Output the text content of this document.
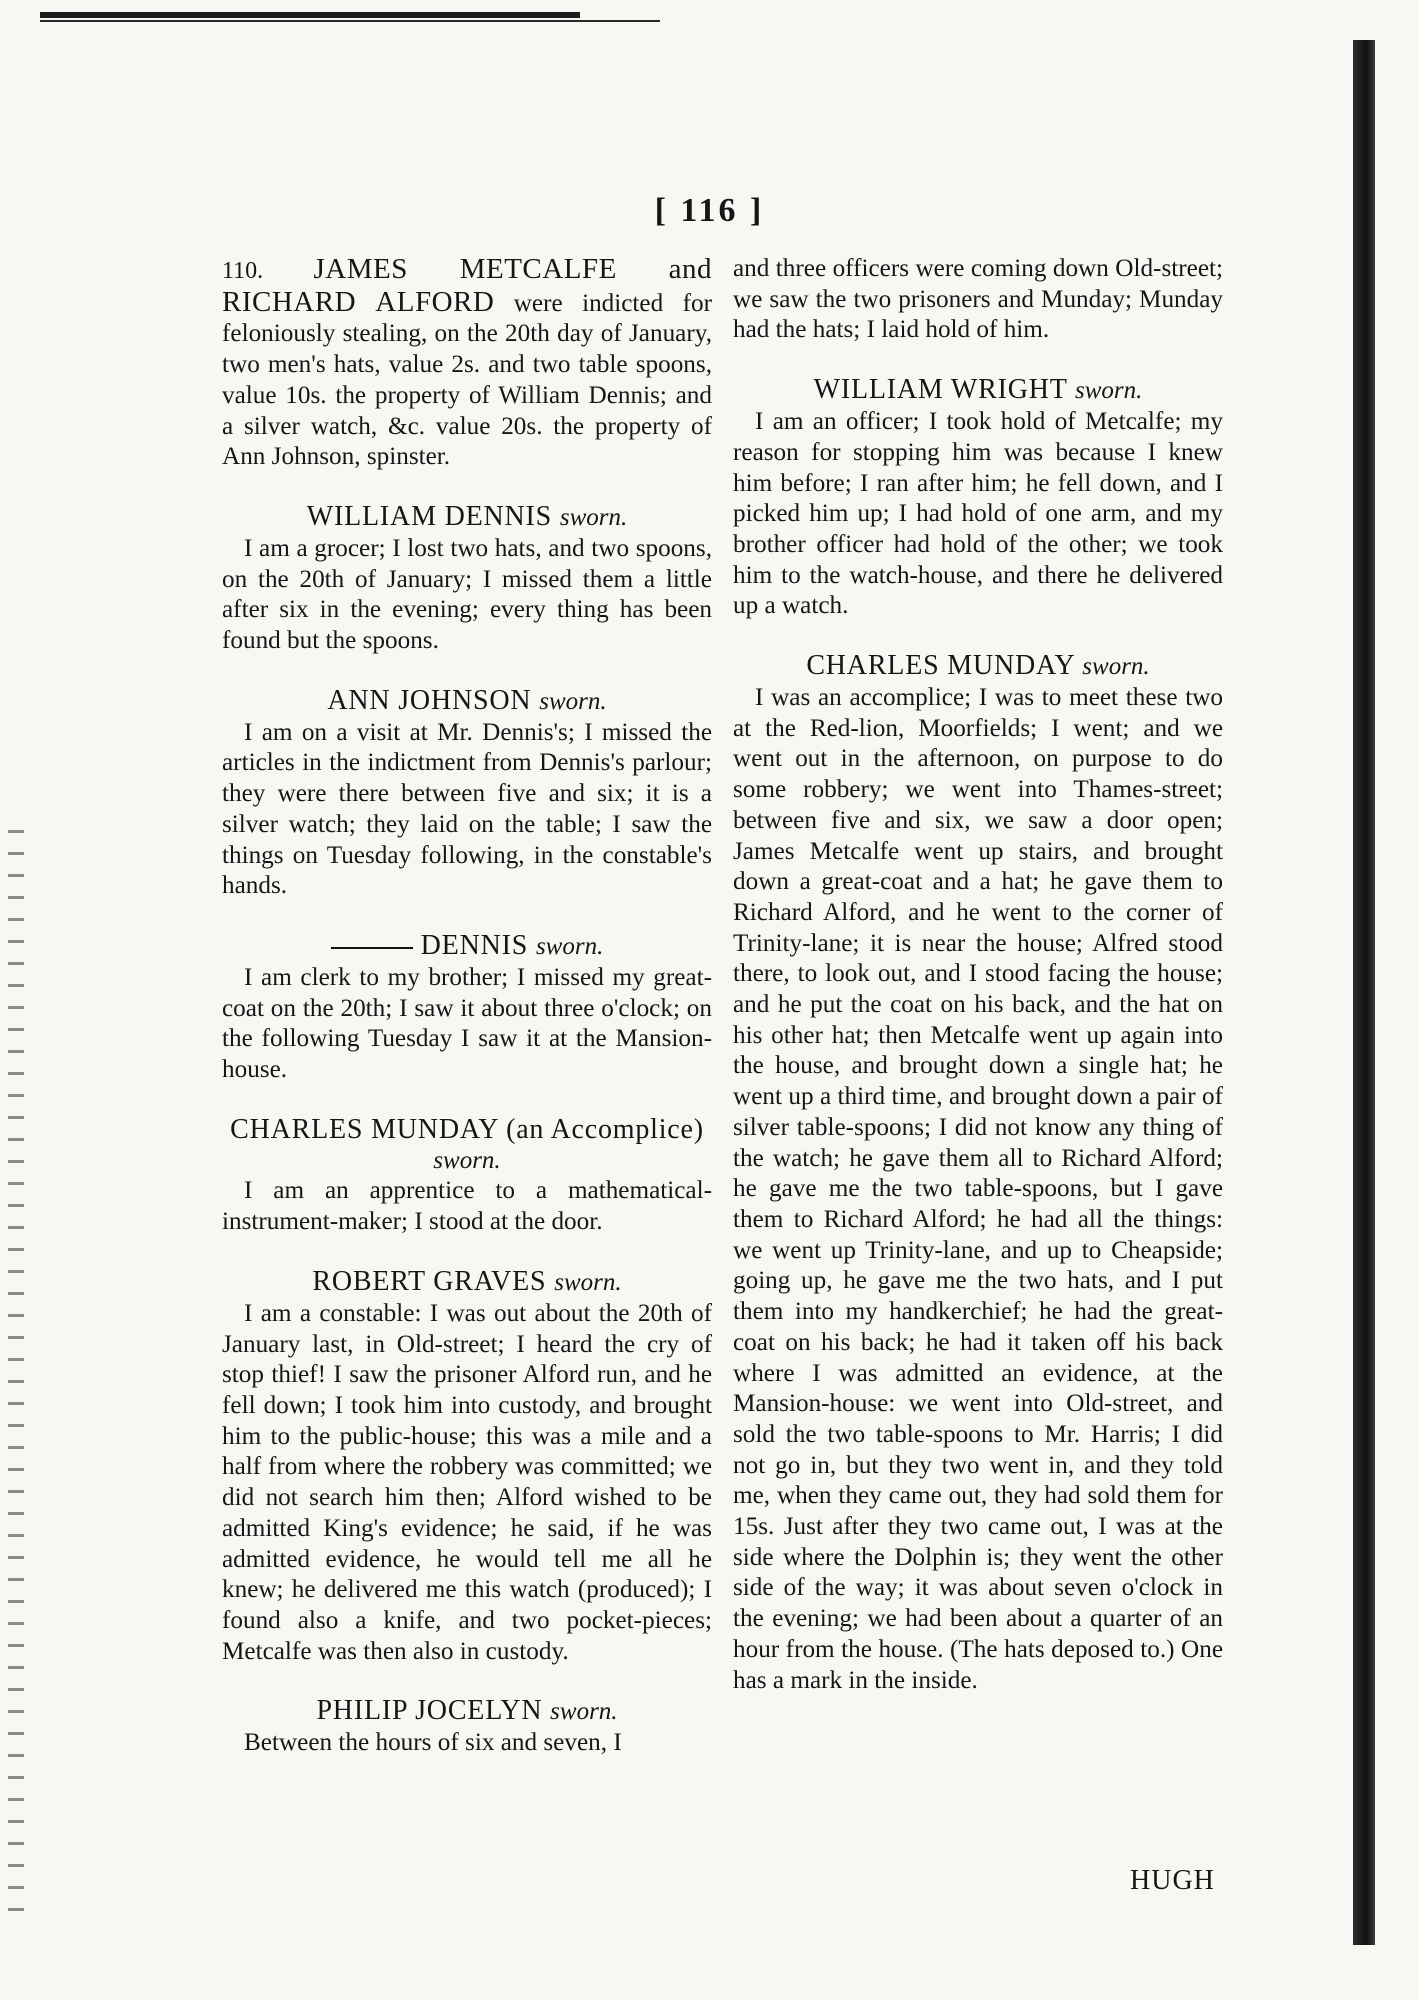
[ 116 ]

110. JAMES METCALFE and RICHARD ALFORD were indicted for feloniously stealing, on the 20th day of January, two men's hats, value 2s. and two table spoons, value 10s. the property of William Dennis; and a silver watch, &c. value 20s. the property of Ann Johnson, spinster.

WILLIAM DENNIS sworn.

I am a grocer; I lost two hats, and two spoons, on the 20th of January; I missed them a little after six in the evening; every thing has been found but the spoons.

ANN JOHNSON sworn.

I am on a visit at Mr. Dennis's; I missed the articles in the indictment from Dennis's parlour; they were there between five and six; it is a silver watch; they laid on the table; I saw the things on Tuesday following, in the constable's hands.

DENNIS sworn.

I am clerk to my brother; I missed my great-coat on the 20th; I saw it about three o'clock; on the following Tuesday I saw it at the Mansion-house.

CHARLES MUNDAY (an Accomplice)

sworn.

I am an apprentice to a mathematical-instrument-maker; I stood at the door.

ROBERT GRAVES sworn.

I am a constable: I was out about the 20th of January last, in Old-street; I heard the cry of stop thief! I saw the prisoner Alford run, and he fell down; I took him into custody, and brought him to the public-house; this was a mile and a half from where the robbery was committed; we did not search him then; Alford wished to be admitted King's evidence; he said, if he was admitted evidence, he would tell me all he knew; he delivered me this watch (produced); I found also a knife, and two pocket-pieces; Metcalfe was then also in custody.

PHILIP JOCELYN sworn.

Between the hours of six and seven, I

and three officers were coming down Old-street; we saw the two prisoners and Munday; Munday had the hats; I laid hold of him.

WILLIAM WRIGHT sworn.

I am an officer; I took hold of Metcalfe; my reason for stopping him was because I knew him before; I ran after him; he fell down, and I picked him up; I had hold of one arm, and my brother officer had hold of the other; we took him to the watch-house, and there he delivered up a watch.

CHARLES MUNDAY sworn.

I was an accomplice; I was to meet these two at the Red-lion, Moorfields; I went; and we went out in the afternoon, on purpose to do some robbery; we went into Thames-street; between five and six, we saw a door open; James Metcalfe went up stairs, and brought down a great-coat and a hat; he gave them to Richard Alford, and he went to the corner of Trinity-lane; it is near the house; Alfred stood there, to look out, and I stood facing the house; and he put the coat on his back, and the hat on his other hat; then Metcalfe went up again into the house, and brought down a single hat; he went up a third time, and brought down a pair of silver table-spoons; I did not know any thing of the watch; he gave them all to Richard Alford; he gave me the two table-spoons, but I gave them to Richard Alford; he had all the things: we went up Trinity-lane, and up to Cheapside; going up, he gave me the two hats, and I put them into my handkerchief; he had the great-coat on his back; he had it taken off his back where I was admitted an evidence, at the Mansion-house: we went into Old-street, and sold the two table-spoons to Mr. Harris; I did not go in, but they two went in, and they told me, when they came out, they had sold them for 15s. Just after they two came out, I was at the side where the Dolphin is; they went the other side of the way; it was about seven o'clock in the evening; we had been about a quarter of an hour from the house. (The hats deposed to.) One has a mark in the inside.

HUGH
